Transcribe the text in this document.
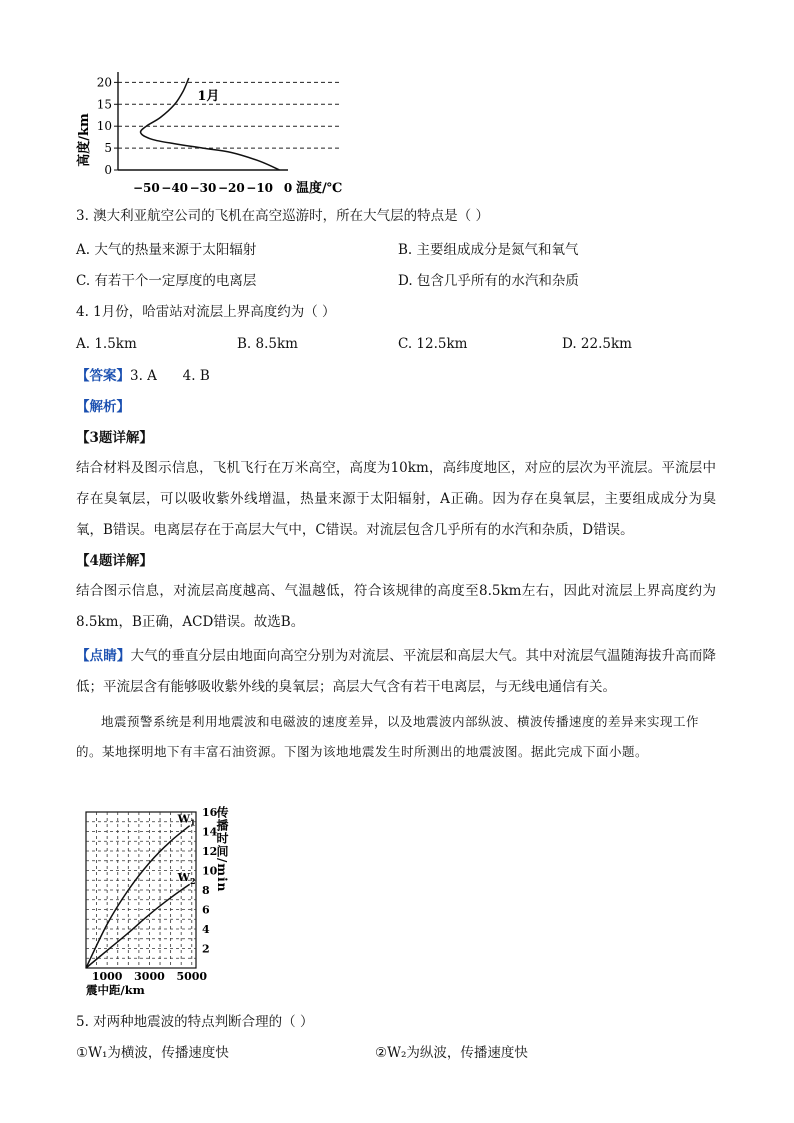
0
5
10
15
20
−50 −40 −30 −20 −10 0 温度/℃
高度/km
1月
3. 澳大利亚航空公司的飞机在高空巡游时，所在大气层的特点是（ ）
A. 大气的热量来源于太阳辐射	B. 主要组成成分是氮气和氧气
C. 有若干个一定厚度的电离层	D. 包含几乎所有的水汽和杂质
4. 1月份，哈雷站对流层上界高度约为（ ）
A. 1.5km	B. 8.5km	C. 12.5km	D. 22.5km
【答案】3. A      4. B
【解析】
【3题详解】
结合材料及图示信息，飞机飞行在万米高空，高度为10km，高纬度地区，对应的层次为平流层。平流层中存在臭氧层，可以吸收紫外线增温，热量来源于太阳辐射，A正确。因为存在臭氧层，主要组成成分为臭氧，B错误。电离层存在于高层大气中，C错误。对流层包含几乎所有的水汽和杂质，D错误。
【4题详解】
结合图示信息，对流层高度越高、气温越低，符合该规律的高度至8.5km左右，因此对流层上界高度约为8.5km，B正确，ACD错误。故选B。
【点睛】大气的垂直分层由地面向高空分别为对流层、平流层和高层大气。其中对流层气温随海拔升高而降低；平流层含有能够吸收紫外线的臭氧层；高层大气含有若干电离层，与无线电通信有关。
地震预警系统是利用地震波和电磁波的速度差异，以及地震波内部纵波、横波传播速度的差异来实现工作的。某地探明地下有丰富石油资源。下图为该地地震发生时所测出的地震波图。据此完成下面小题。
2
4
6
8
10
12
14
16
1000 3000 5000
震中距/km
传播时间/min
$W_1$
$W_2$
5. 对两种地震波的特点判断合理的（ ）
①W₁为横波，传播速度快	②W₂为纵波，传播速度快
